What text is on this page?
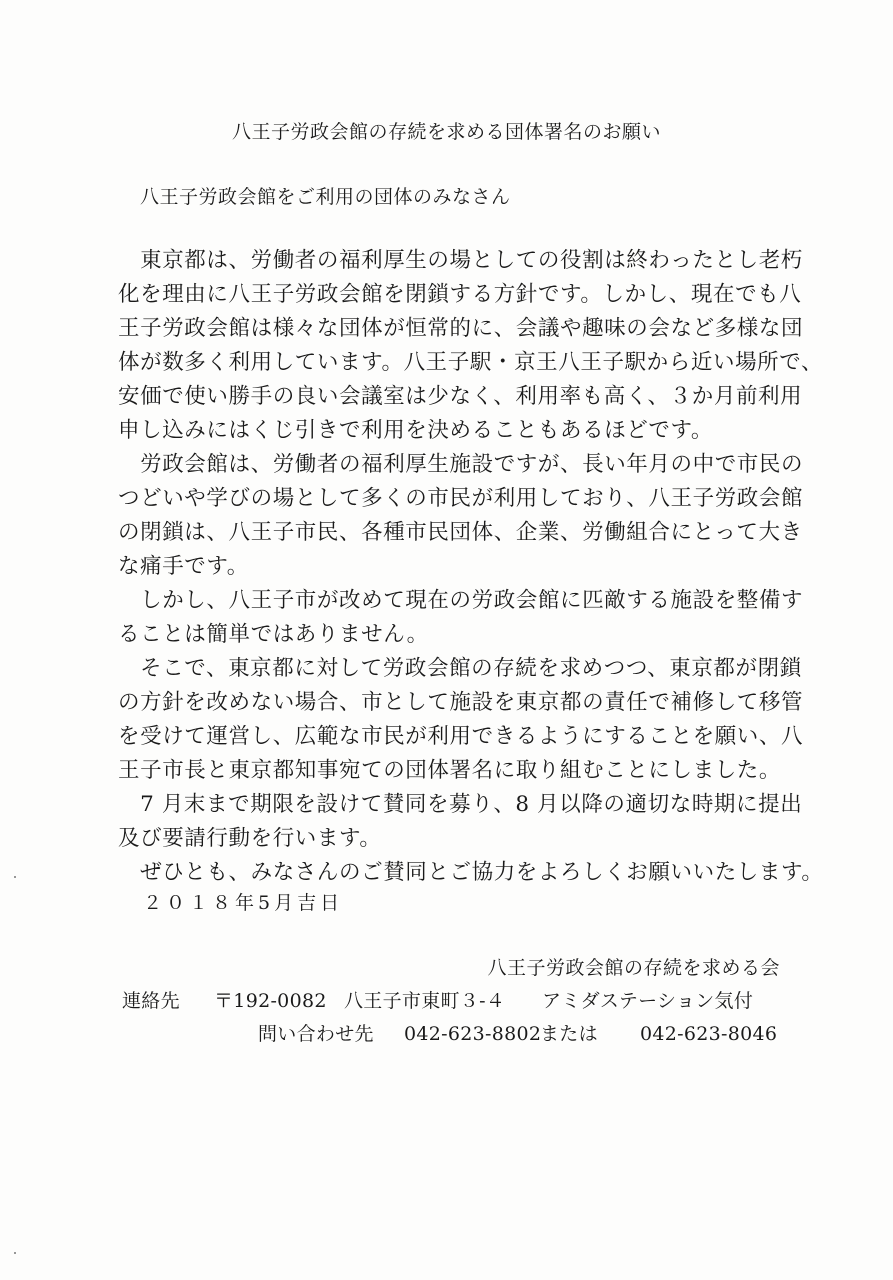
八王子労政会館の存続を求める団体署名のお願い
八王子労政会館をご利用の団体のみなさん
　東京都は、労働者の福利厚生の場としての役割は終わったとし老朽
化を理由に八王子労政会館を閉鎖する方針です。しかし、現在でも八
王子労政会館は様々な団体が恒常的に、会議や趣味の会など多様な団
体が数多く利用しています。八王子駅・京王八王子駅から近い場所で、
安価で使い勝手の良い会議室は少なく、利用率も高く、３か月前利用
申し込みにはくじ引きで利用を決めることもあるほどです。
　労政会館は、労働者の福利厚生施設ですが、長い年月の中で市民の
つどいや学びの場として多くの市民が利用しており、八王子労政会館
の閉鎖は、八王子市民、各種市民団体、企業、労働組合にとって大き
な痛手です。
　しかし、八王子市が改めて現在の労政会館に匹敵する施設を整備す
ることは簡単ではありません。
　そこで、東京都に対して労政会館の存続を求めつつ、東京都が閉鎖
の方針を改めない場合、市として施設を東京都の責任で補修して移管
を受けて運営し、広範な市民が利用できるようにすることを願い、八
王子市長と東京都知事宛ての団体署名に取り組むことにしました。
　7 月末まで期限を設けて賛同を募り、8 月以降の適切な時期に提出
及び要請行動を行います。
　ぜひとも、みなさんのご賛同とご協力をよろしくお願いいたします。
２０１８年5月吉日
八王子労政会館の存続を求める会
連絡先 〒192-0082 八王子市東町３-４ アミダステーション気付
問い合わせ先 042-623-8802または 042-623-8046
